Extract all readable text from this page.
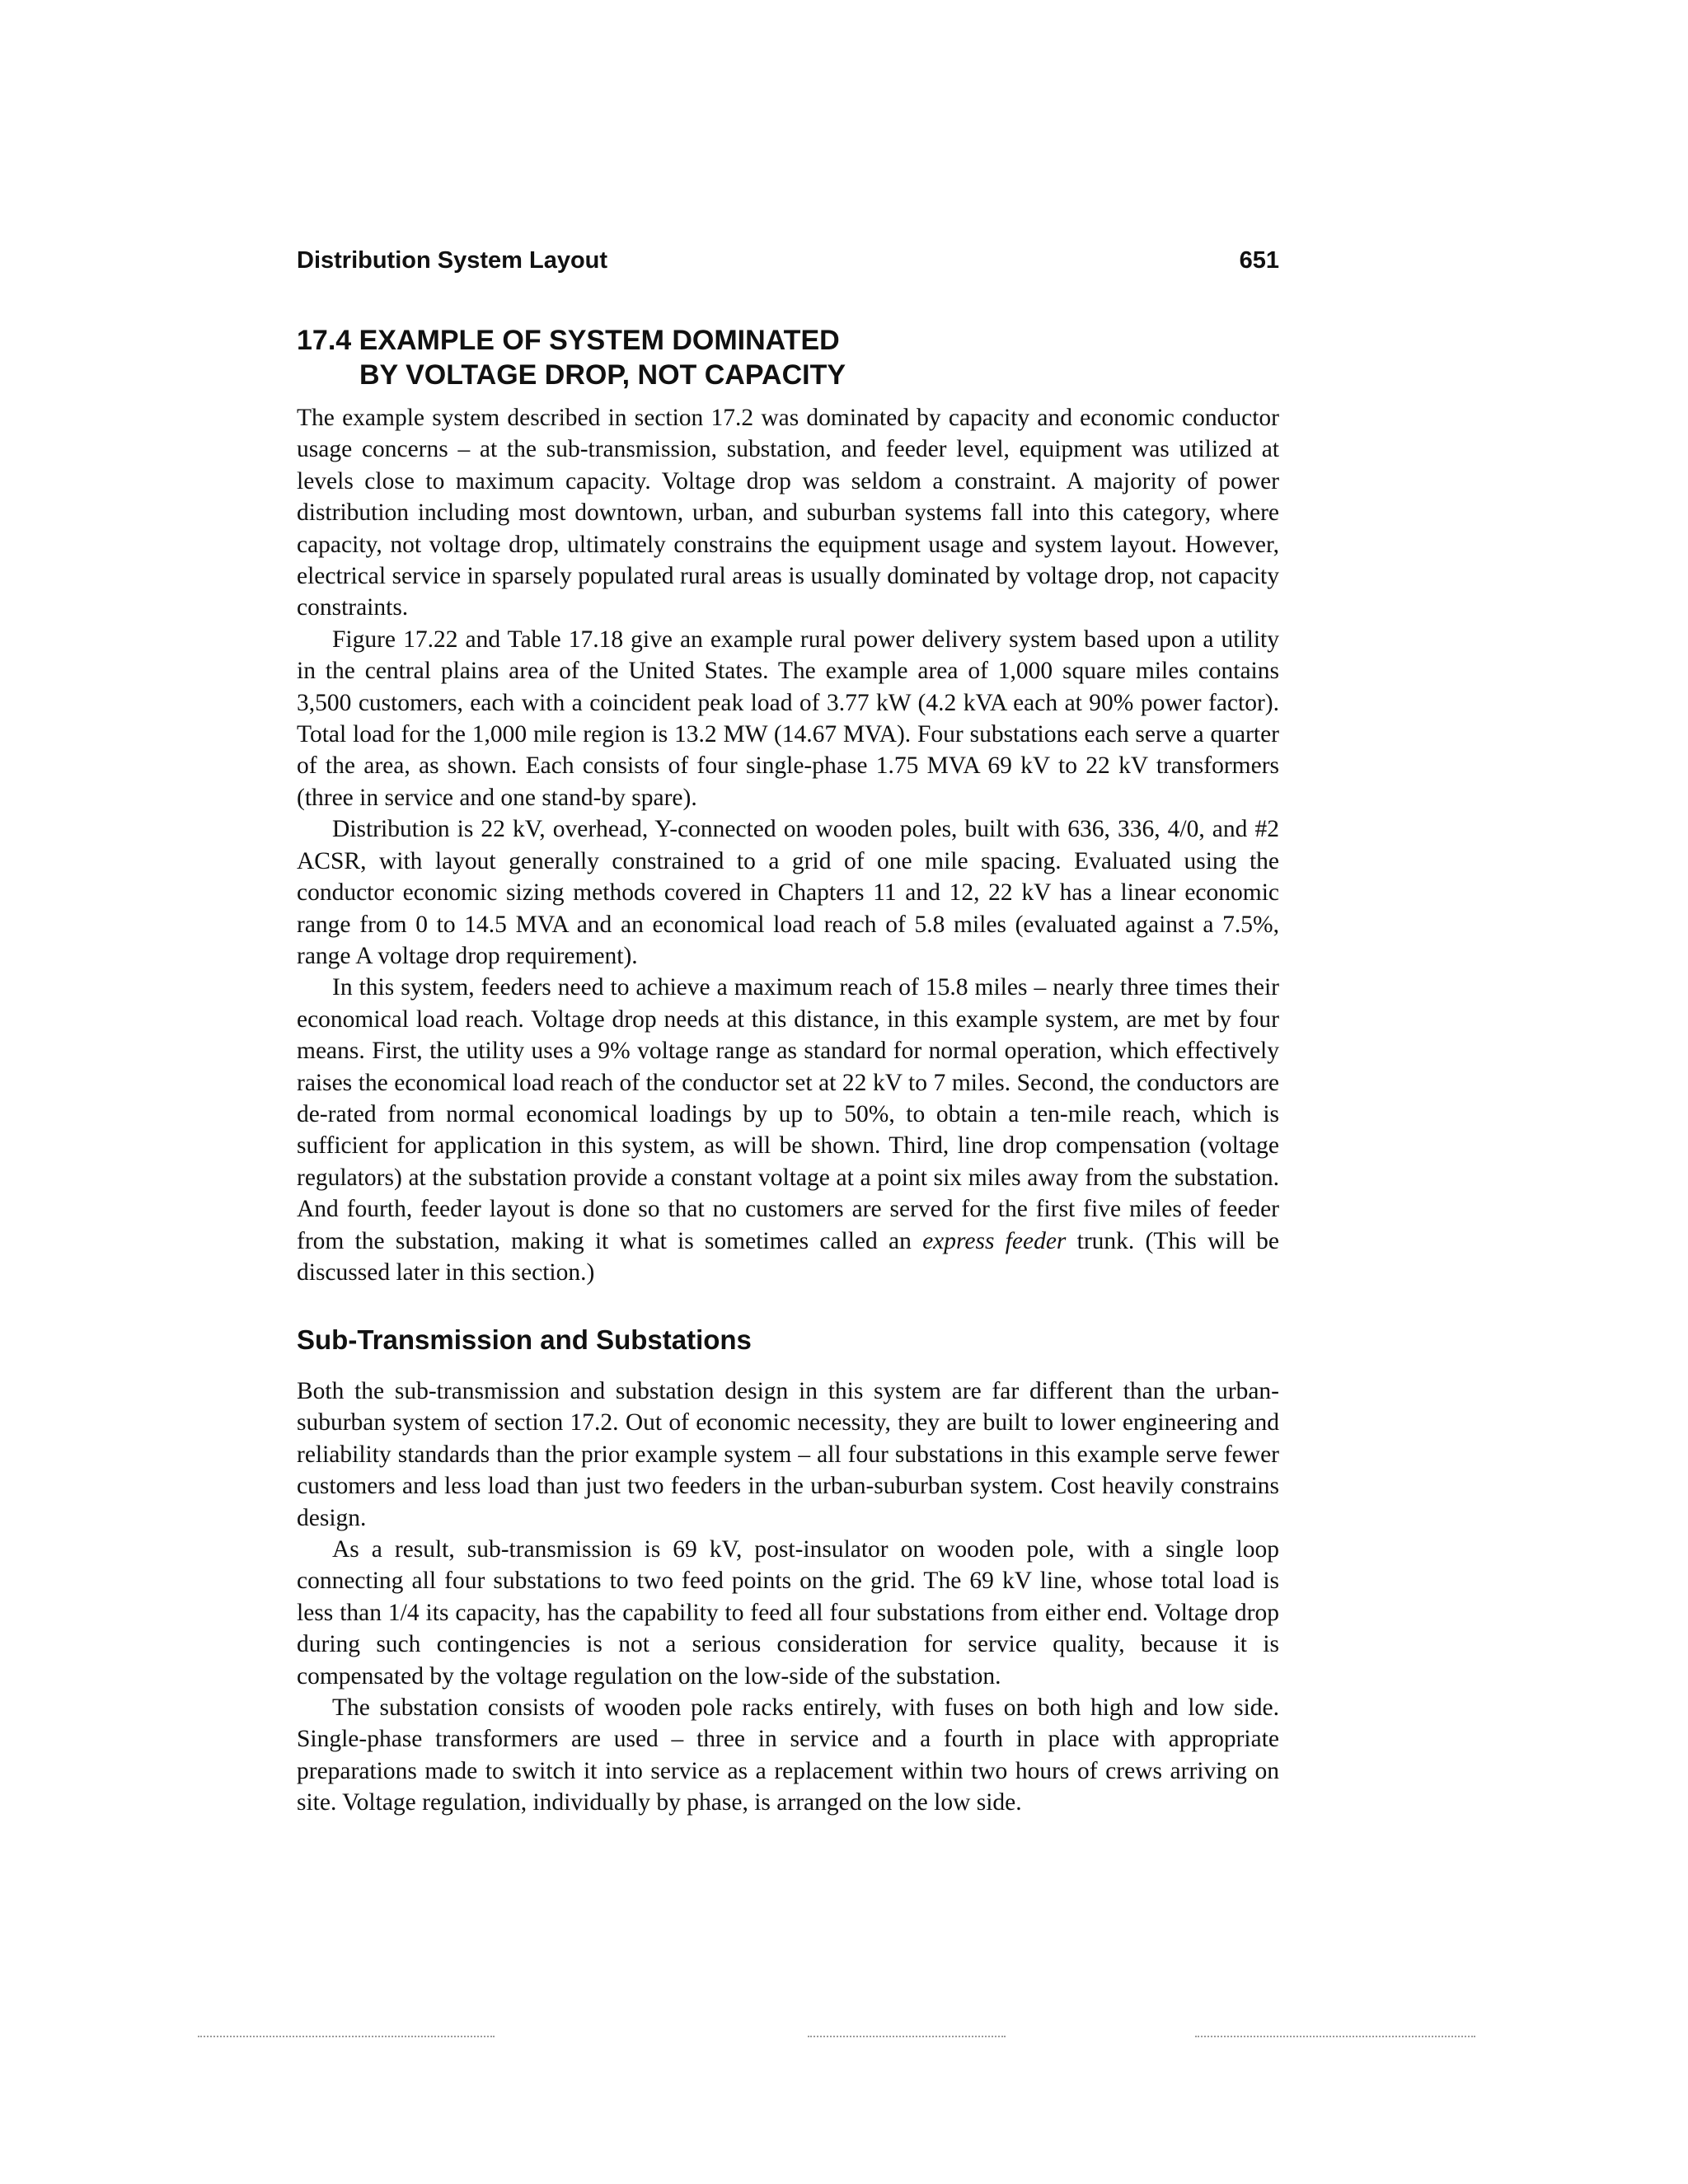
Distribution System Layout	651
17.4 EXAMPLE OF SYSTEM DOMINATED
BY VOLTAGE DROP, NOT CAPACITY

The example system described in section 17.2 was dominated by capacity and economic conductor usage concerns – at the sub-transmission, substation, and feeder level, equipment was utilized at levels close to maximum capacity. Voltage drop was seldom a constraint. A majority of power distribution including most downtown, urban, and suburban systems fall into this category, where capacity, not voltage drop, ultimately constrains the equipment usage and system layout. However, electrical service in sparsely populated rural areas is usually dominated by voltage drop, not capacity constraints.

Figure 17.22 and Table 17.18 give an example rural power delivery system based upon a utility in the central plains area of the United States. The example area of 1,000 square miles contains 3,500 customers, each with a coincident peak load of 3.77 kW (4.2 kVA each at 90% power factor). Total load for the 1,000 mile region is 13.2 MW (14.67 MVA). Four substations each serve a quarter of the area, as shown. Each consists of four single-phase 1.75 MVA 69 kV to 22 kV transformers (three in service and one stand-by spare).

Distribution is 22 kV, overhead, Y-connected on wooden poles, built with 636, 336, 4/0, and #2 ACSR, with layout generally constrained to a grid of one mile spacing. Evaluated using the conductor economic sizing methods covered in Chapters 11 and 12, 22 kV has a linear economic range from 0 to 14.5 MVA and an economical load reach of 5.8 miles (evaluated against a 7.5%, range A voltage drop requirement).

In this system, feeders need to achieve a maximum reach of 15.8 miles – nearly three times their economical load reach. Voltage drop needs at this distance, in this example system, are met by four means. First, the utility uses a 9% voltage range as standard for normal operation, which effectively raises the economical load reach of the conductor set at 22 kV to 7 miles. Second, the conductors are de-rated from normal economical loadings by up to 50%, to obtain a ten-mile reach, which is sufficient for application in this system, as will be shown. Third, line drop compensation (voltage regulators) at the substation provide a constant voltage at a point six miles away from the substation. And fourth, feeder layout is done so that no customers are served for the first five miles of feeder from the substation, making it what is sometimes called an express feeder trunk. (This will be discussed later in this section.)

Sub-Transmission and Substations

Both the sub-transmission and substation design in this system are far different than the urban-suburban system of section 17.2. Out of economic necessity, they are built to lower engineering and reliability standards than the prior example system – all four substations in this example serve fewer customers and less load than just two feeders in the urban-suburban system. Cost heavily constrains design.

As a result, sub-transmission is 69 kV, post-insulator on wooden pole, with a single loop connecting all four substations to two feed points on the grid. The 69 kV line, whose total load is less than 1/4 its capacity, has the capability to feed all four substations from either end. Voltage drop during such contingencies is not a serious consideration for service quality, because it is compensated by the voltage regulation on the low-side of the substation.

The substation consists of wooden pole racks entirely, with fuses on both high and low side. Single-phase transformers are used – three in service and a fourth in place with appropriate preparations made to switch it into service as a replacement within two hours of crews arriving on site. Voltage regulation, individually by phase, is arranged on the low side.
